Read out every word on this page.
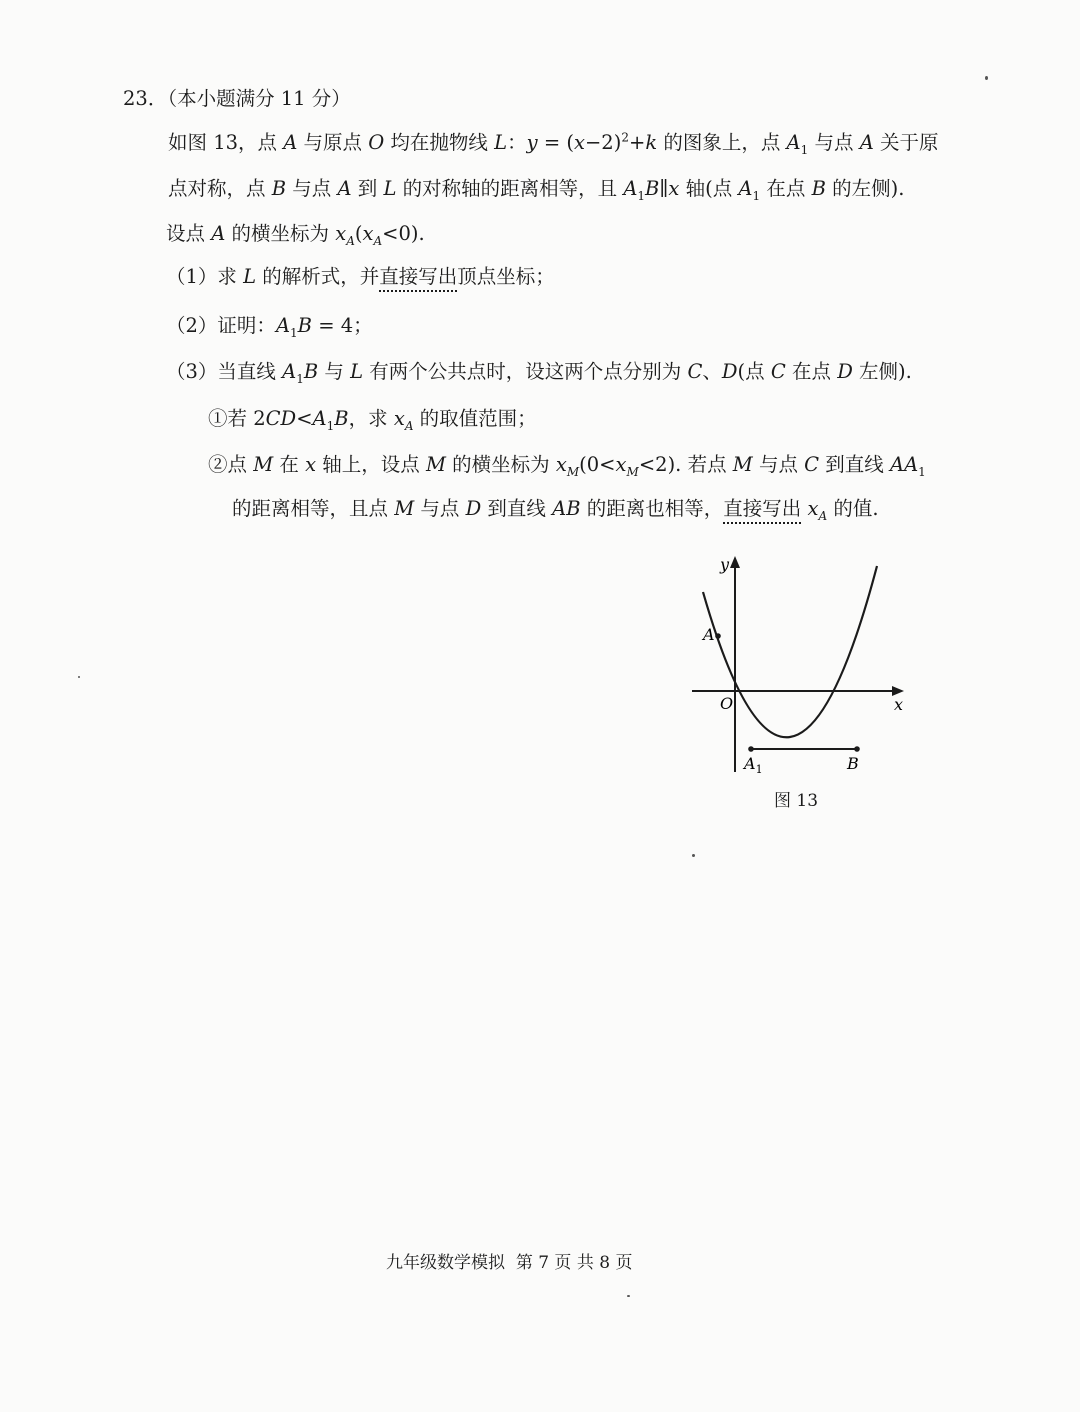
23．（本小题满分 11 分）
如图 13，点 A 与原点 O 均在抛物线 L：$y = (x-2)^2+k$ 的图象上，点 $A_1$ 与点 A 关于原
点对称，点 B 与点 A 到 L 的对称轴的距离相等，且 $A_1B\parallel x$ 轴(点 $A_1$ 在点 B 的左侧).
设点 A 的横坐标为 $x_A(x_A<0)$.
（1）求 L 的解析式，并直接写出顶点坐标；
（2）证明：$A_1B = 4$；
（3）当直线 $A_1B$ 与 L 有两个公共点时，设这两个点分别为 C、D(点 C 在点 D 左侧).
①若 $2CD<A_1B$，求 $x_A$ 的取值范围；
②点 M 在 x 轴上，设点 M 的横坐标为 $x_M(0<x_M<2)$. 若点 M 与点 C 到直线 $AA_1$
的距离相等，且点 M 与点 D 到直线 AB 的距离也相等，直接写出 $x_A$ 的值.
y
x
O
A
$A_1$	B
图 13
九年级数学模拟 第 7 页 共 8 页
